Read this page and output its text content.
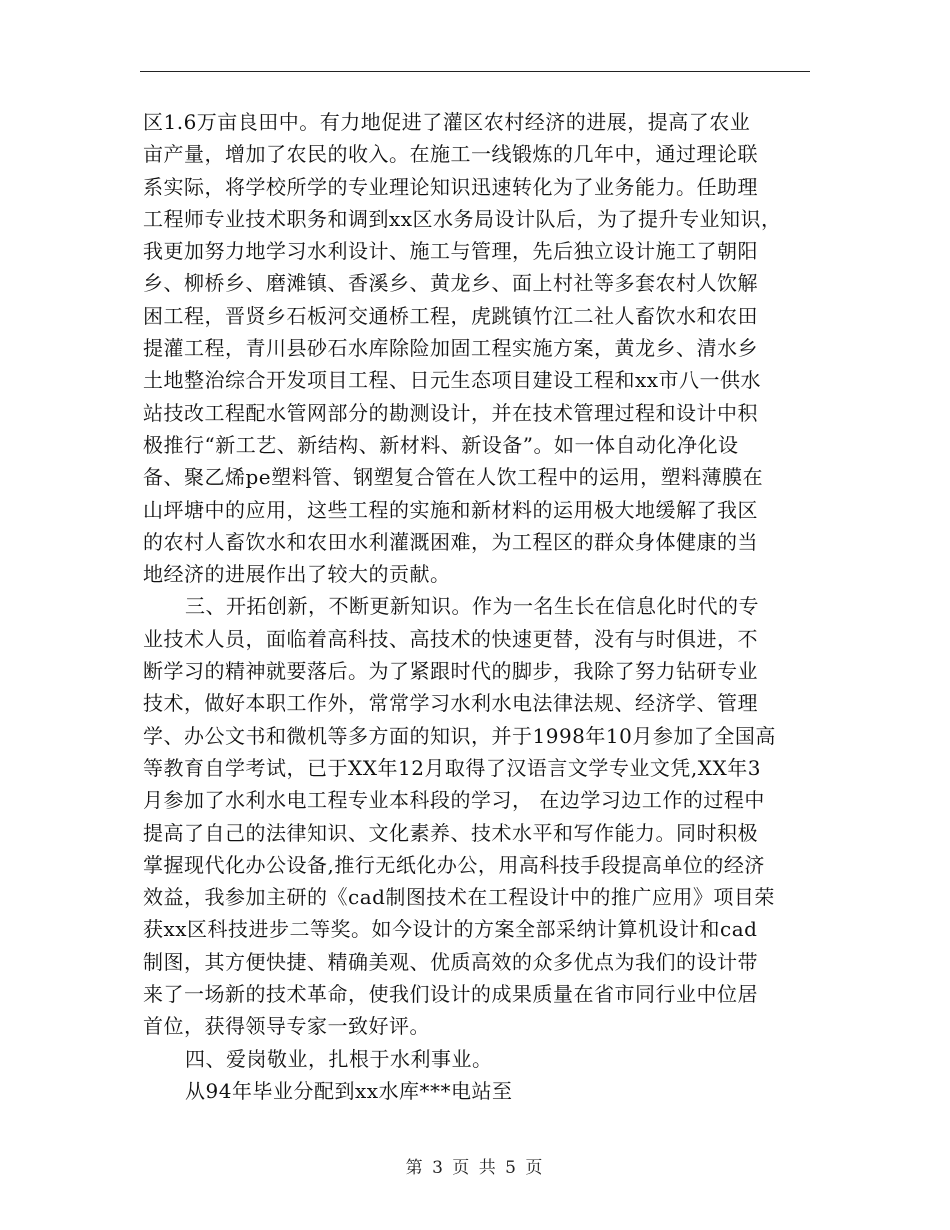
区1.6万亩良田中。有力地促进了灌区农村经济的进展，提高了农业
亩产量，增加了农民的收入。在施工一线锻炼的几年中，通过理论联
系实际，将学校所学的专业理论知识迅速转化为了业务能力。任助理
工程师专业技术职务和调到xx区水务局设计队后，为了提升专业知识，
我更加努力地学习水利设计、施工与管理，先后独立设计施工了朝阳
乡、柳桥乡、磨滩镇、香溪乡、黄龙乡、面上村社等多套农村人饮解
困工程，晋贤乡石板河交通桥工程，虎跳镇竹江二社人畜饮水和农田
提灌工程，青川县砂石水库除险加固工程实施方案，黄龙乡、清水乡
土地整治综合开发项目工程、日元生态项目建设工程和xx市八一供水
站技改工程配水管网部分的勘测设计，并在技术管理过程和设计中积
极推行“新工艺、新结构、新材料、新设备”。如一体自动化净化设
备、聚乙烯pe塑料管、钢塑复合管在人饮工程中的运用，塑料薄膜在
山坪塘中的应用，这些工程的实施和新材料的运用极大地缓解了我区
的农村人畜饮水和农田水利灌溉困难，为工程区的群众身体健康的当
地经济的进展作出了较大的贡献。
三、开拓创新，不断更新知识。作为一名生长在信息化时代的专
业技术人员，面临着高科技、高技术的快速更替，没有与时俱进，不
断学习的精神就要落后。为了紧跟时代的脚步，我除了努力钻研专业
技术，做好本职工作外，常常学习水利水电法律法规、经济学、管理
学、办公文书和微机等多方面的知识，并于1998年10月参加了全国高
等教育自学考试，已于XX年12月取得了汉语言文学专业文凭,XX年3
月参加了水利水电工程专业本科段的学习， 在边学习边工作的过程中
提高了自己的法律知识、文化素养、技术水平和写作能力。同时积极
掌握现代化办公设备,推行无纸化办公，用高科技手段提高单位的经济
效益，我参加主研的《cad制图技术在工程设计中的推广应用》项目荣
获xx区科技进步二等奖。如今设计的方案全部采纳计算机设计和cad
制图，其方便快捷、精确美观、优质高效的众多优点为我们的设计带
来了一场新的技术革命，使我们设计的成果质量在省市同行业中位居
首位，获得领导专家一致好评。
四、爱岗敬业，扎根于水利事业。
从94年毕业分配到xx水库***电站至
第 3 页 共 5 页
